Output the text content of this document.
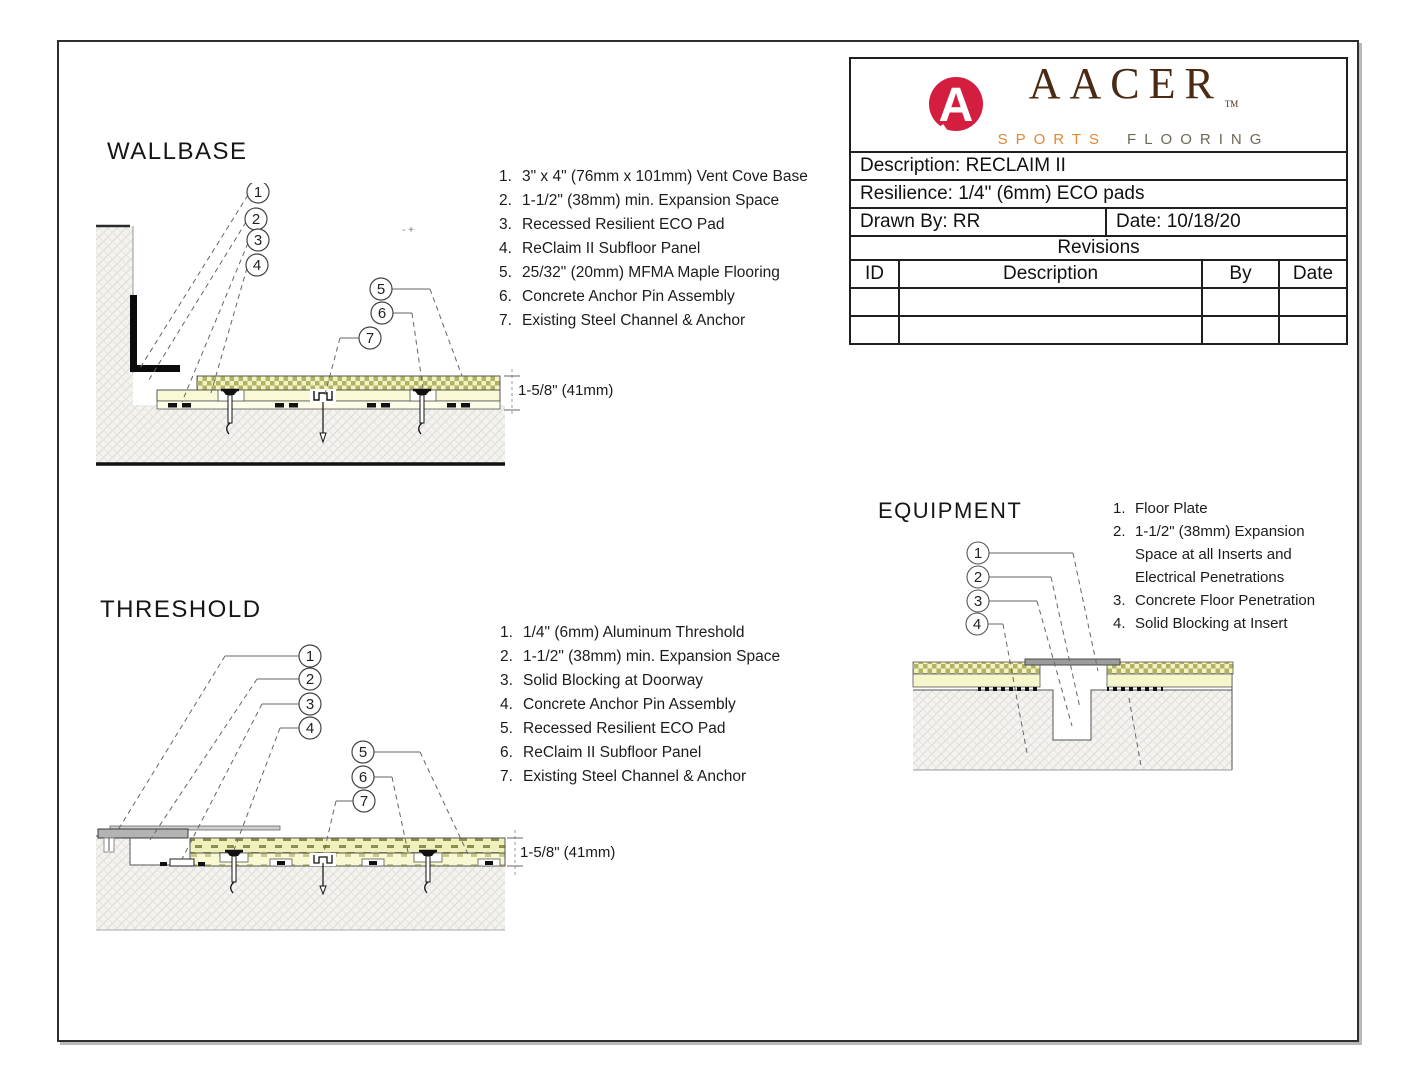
A AACER TM
SPORTS FLOORING
Description: RECLAIM II
Resilience: 1/4" (6mm) ECO pads
Drawn By: RR	Date: 10/18/20
Revisions
ID	Description	By	Date
WALLBASE
1. 3" x 4" (76mm x 101mm) Vent Cove Base
2. 1-1/2" (38mm) min. Expansion Space
3. Recessed Resilient ECO Pad
4. ReClaim II Subfloor Panel
5. 25/32" (20mm) MFMA Maple Flooring
6. Concrete Anchor Pin Assembly
7. Existing Steel Channel & Anchor
1
2
3
4
5
6
7
1-5/8" (41mm)
- +
THRESHOLD
1. 1/4" (6mm) Aluminum Threshold
2. 1-1/2" (38mm) min. Expansion Space
3. Solid Blocking at Doorway
4. Concrete Anchor Pin Assembly
5. Recessed Resilient ECO Pad
6. ReClaim II Subfloor Panel
7. Existing Steel Channel & Anchor
1
2
3
4
5
6
7
1-5/8" (41mm)
EQUIPMENT	1. Floor Plate
2. 1-1/2" (38mm) Expansion
Space at all Inserts and
Electrical Penetrations
3. Concrete Floor Penetration
4. Solid Blocking at Insert
1
2
3
4
